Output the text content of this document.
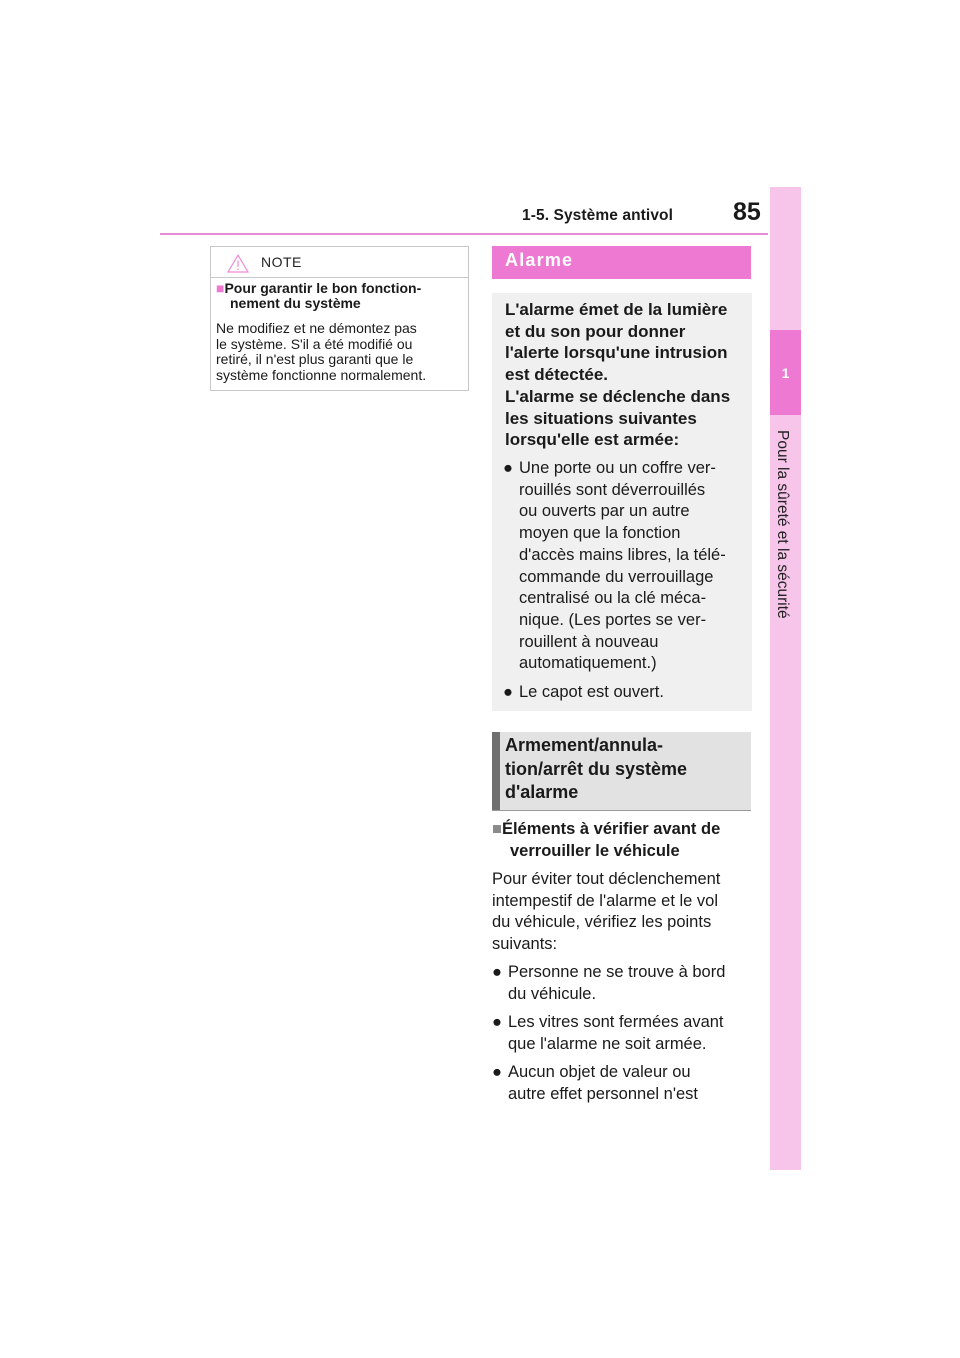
1-5. Système antivol 85
1
Pour la sûreté et la sécurité
NOTE
■Pour garantir le bon fonction-
nement du système
Ne modifiez et ne démontez pas
le système. S'il a été modifié ou
retiré, il n'est plus garanti que le
système fonctionne normalement.
Alarme
L'alarme émet de la lumière
et du son pour donner
l'alerte lorsqu'une intrusion
est détectée.
L'alarme se déclenche dans
les situations suivantes
lorsqu'elle est armée:
● Une porte ou un coffre ver-
rouillés sont déverrouillés
ou ouverts par un autre
moyen que la fonction
d'accès mains libres, la télé-
commande du verrouillage
centralisé ou la clé méca-
nique. (Les portes se ver-
rouillent à nouveau
automatiquement.)
● Le capot est ouvert.
Armement/annula-
tion/arrêt du système
d'alarme
■Éléments à vérifier avant de
verrouiller le véhicule
Pour éviter tout déclenchement
intempestif de l'alarme et le vol
du véhicule, vérifiez les points
suivants:
● Personne ne se trouve à bord
du véhicule.
● Les vitres sont fermées avant
que l'alarme ne soit armée.
● Aucun objet de valeur ou
autre effet personnel n'est
